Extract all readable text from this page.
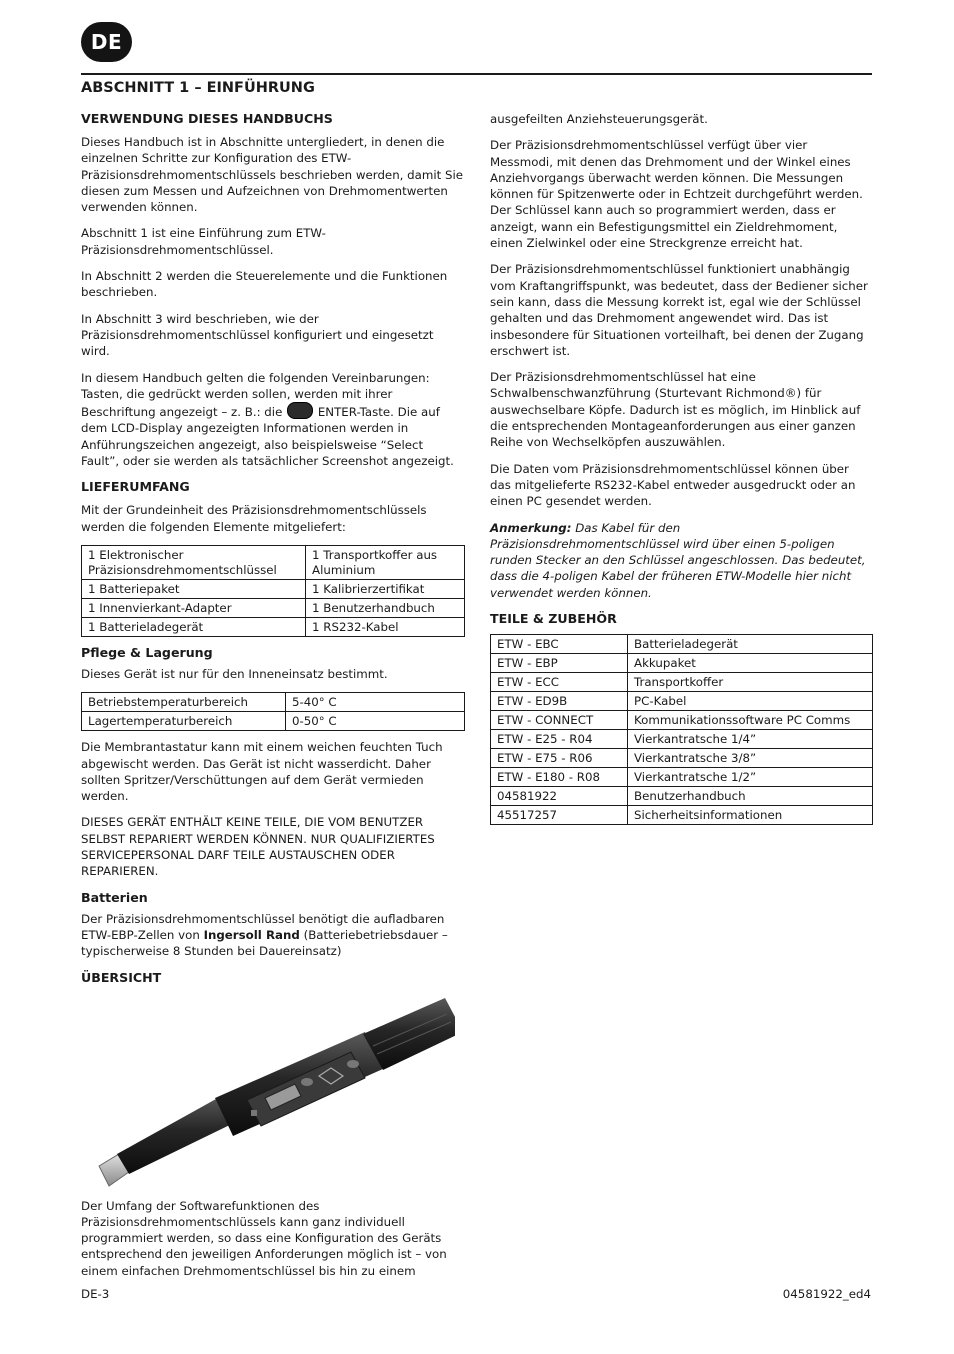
DE
ABSCHNITT 1 – EINFÜHRUNG
VERWENDUNG DIESES HANDBUCHS

Dieses Handbuch ist in Abschnitte untergliedert, in denen die einzelnen Schritte zur Konfiguration des ETW-Präzisionsdrehmomentschlüssels beschrieben werden, damit Sie diesen zum Messen und Aufzeichnen von Drehmomentwerten verwenden können.

Abschnitt 1 ist eine Einführung zum ETW-Präzisionsdrehmomentschlüssel.

In Abschnitt 2 werden die Steuerelemente und die Funktionen beschrieben.

In Abschnitt 3 wird beschrieben, wie der Präzisionsdrehmomentschlüssel konfiguriert und eingesetzt wird.

In diesem Handbuch gelten die folgenden Vereinbarungen: Tasten, die gedrückt werden sollen, werden mit ihrer Beschriftung angezeigt – z. B.: die	ENTER-Taste. Die auf dem LCD-Display angezeigten Informationen werden in Anführungszeichen angezeigt, also beispielsweise “Select Fault”, oder sie werden als tatsächlicher Screenshot angezeigt.

LIEFERUMFANG

Mit der Grundeinheit des Präzisionsdrehmomentschlüssels werden die folgenden Elemente mitgeliefert:

1 Elektronischer Präzisionsdrehmomentschlüssel	1 Transportkoffer aus Aluminium
1 Batteriepaket	1 Kalibrierzertifikat
1 Innenvierkant-Adapter	1 Benutzerhandbuch
1 Batterieladegerät	1 RS232-Kabel
Pflege & Lagerung

Dieses Gerät ist nur für den Inneneinsatz bestimmt.

Betriebstemperaturbereich	5-40° C
Lagertemperaturbereich	0-50° C

Die Membrantastatur kann mit einem weichen feuchten Tuch abgewischt werden. Das Gerät ist nicht wasserdicht. Daher sollten Spritzer/Verschüttungen auf dem Gerät vermieden werden.

DIESES GERÄT ENTHÄLT KEINE TEILE, DIE VOM BENUTZER SELBST REPARIERT WERDEN KÖNNEN. NUR QUALIFIZIERTES SERVICEPERSONAL DARF TEILE AUSTAUSCHEN ODER REPARIEREN.

Batterien

Der Präzisionsdrehmomentschlüssel benötigt die aufladbaren ETW-EBP-Zellen von Ingersoll Rand (Batteriebetriebsdauer – typischerweise 8 Stunden bei Dauereinsatz)

ÜBERSICHT

Der Umfang der Softwarefunktionen des Präzisionsdrehmomentschlüssels kann ganz individuell programmiert werden, so dass eine Konfiguration des Geräts entsprechend den jeweiligen Anforderungen möglich ist – von einem einfachen Drehmomentschlüssel bis hin zu einem

ausgefeilten Anziehsteuerungsgerät.

Der Präzisionsdrehmomentschlüssel verfügt über vier Messmodi, mit denen das Drehmoment und der Winkel eines Anziehvorgangs überwacht werden können. Die Messungen können für Spitzenwerte oder in Echtzeit durchgeführt werden. Der Schlüssel kann auch so programmiert werden, dass er anzeigt, wann ein Befestigungsmittel ein Zieldrehmoment, einen Zielwinkel oder eine Streckgrenze erreicht hat.

Der Präzisionsdrehmomentschlüssel funktioniert unabhängig vom Kraftangriffspunkt, was bedeutet, dass der Bediener sicher sein kann, dass die Messung korrekt ist, egal wie der Schlüssel gehalten und das Drehmoment angewendet wird. Das ist insbesondere für Situationen vorteilhaft, bei denen der Zugang erschwert ist.

Der Präzisionsdrehmomentschlüssel hat eine Schwalbenschwanzführung (Sturtevant Richmond®) für auswechselbare Köpfe. Dadurch ist es möglich, im Hinblick auf die entsprechenden Montageanforderungen aus einer ganzen Reihe von Wechselköpfen auszuwählen.

Die Daten vom Präzisionsdrehmomentschlüssel können über das mitgelieferte RS232-Kabel entweder ausgedruckt oder an einen PC gesendet werden.

Anmerkung: Das Kabel für den Präzisionsdrehmomentschlüssel wird über einen 5-poligen runden Stecker an den Schlüssel angeschlossen. Das bedeutet, dass die 4-poligen Kabel der früheren ETW-Modelle hier nicht verwendet werden können.

TEILE & ZUBEHÖR
ETW - EBC	Batterieladegerät
ETW - EBP	Akkupaket
ETW - ECC	Transportkoffer
ETW - ED9B	PC-Kabel
ETW - CONNECT	Kommunikationssoftware PC Comms
ETW - E25 - R04	Vierkantratsche 1/4”
ETW - E75 - R06	Vierkantratsche 3/8”
ETW - E180 - R08	Vierkantratsche 1/2”
04581922	Benutzerhandbuch
45517257	Sicherheitsinformationen
DE-3	04581922_ed4
